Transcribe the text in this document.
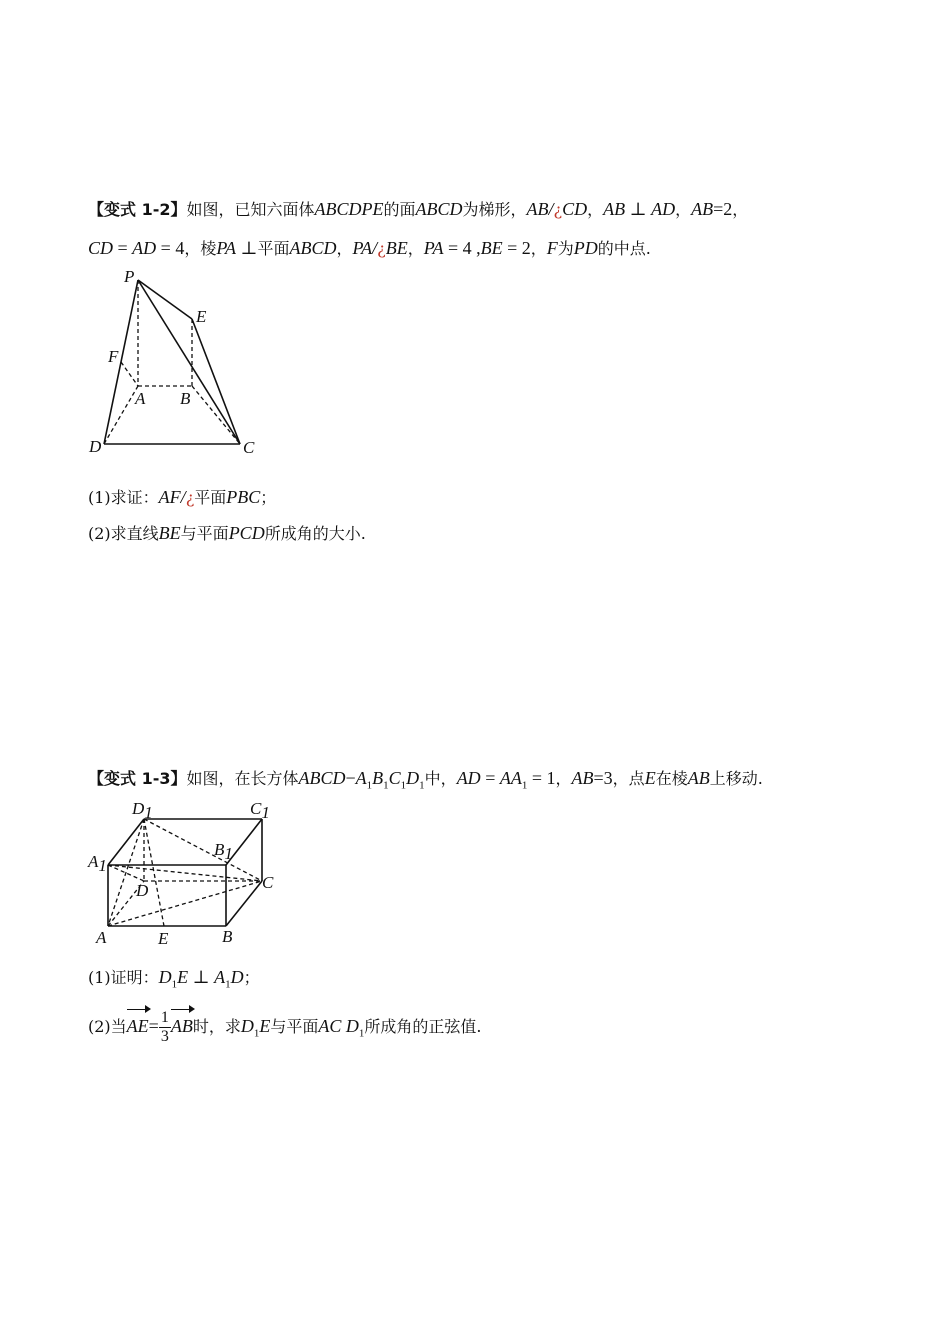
【变式 1-2】如图，已知六面体ABCDPE的面ABCD为梯形，AB/¿CD，AB ⊥ AD，AB=2，
CD = AD = 4，棱PA ⊥平面ABCD，PA/¿BE，PA = 4 ,BE = 2，F为PD的中点.
P
E
F
A B
D	C
(1)求证：AF/¿平面PBC；
(2)求直线BE与平面PCD所成角的大小.
【变式 1-3】如图，在长方体$ABCD-A_1B_1C_1D_1$中，AD = $AA_1 = 1$，AB=3，点E在棱AB上移动.
D1	C1
A1
B1
D	C
A	E	B
(1)证明：$D_1E$ ⊥ $A_1D$；
(2)当$AE= \frac{1}{3}$ AB时，求$D_1E$与平面AC $D_1$所成角的正弦值.
